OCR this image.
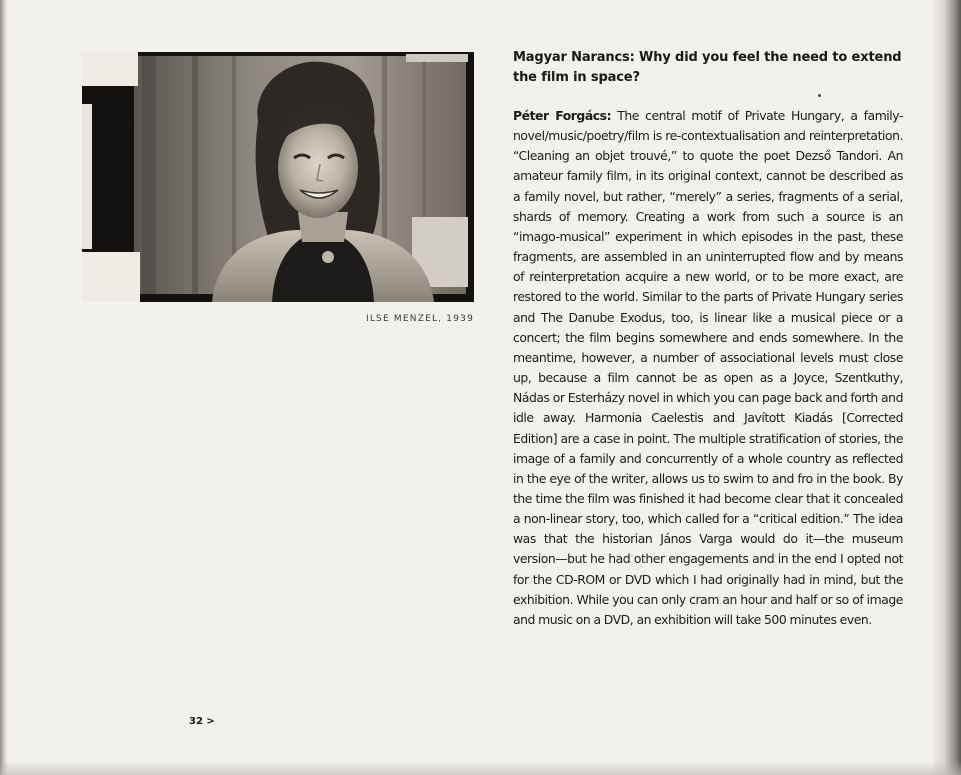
ILSE MENZEL, 1939

Magyar Narancs: Why did you feel the need to extend the film in space?

Péter Forgács: The central motif of Private Hungary, a family-novel/music/poetry/film is re-contextualisation and reinterpretation. “Cleaning an objet trouvé,” to quote the poet Dezső Tandori. An amateur family film, in its original context, cannot be described as a family novel, but rather, “merely” a series, fragments of a serial, shards of memory. Creating a work from such a source is an “imago-musical” experiment in which episodes in the past, these fragments, are assembled in an uninterrupted flow and by means of reinterpretation acquire a new world, or to be more exact, are restored to the world. Similar to the parts of Private Hungary series and The Danube Exodus, too, is linear like a musical piece or a concert; the film begins somewhere and ends somewhere. In the meantime, however, a number of associational levels must close up, because a film cannot be as open as a Joyce, Szentkuthy, Nádas or Esterházy novel in which you can page back and forth and idle away. Harmonia Caelestis and Javított Kiadás [Corrected Edition] are a case in point. The multiple stratification of stories, the image of a family and concurrently of a whole country as reflected in the eye of the writer, allows us to swim to and fro in the book. By the time the film was finished it had become clear that it concealed a non-linear story, too, which called for a “critical edition.” The idea was that the historian János Varga would do it—the museum version—but he had other engagements and in the end I opted not for the CD-ROM or DVD which I had originally had in mind, but the exhibition. While you can only cram an hour and half or so of image and music on a DVD, an exhibition will take 500 minutes even.

32 >
